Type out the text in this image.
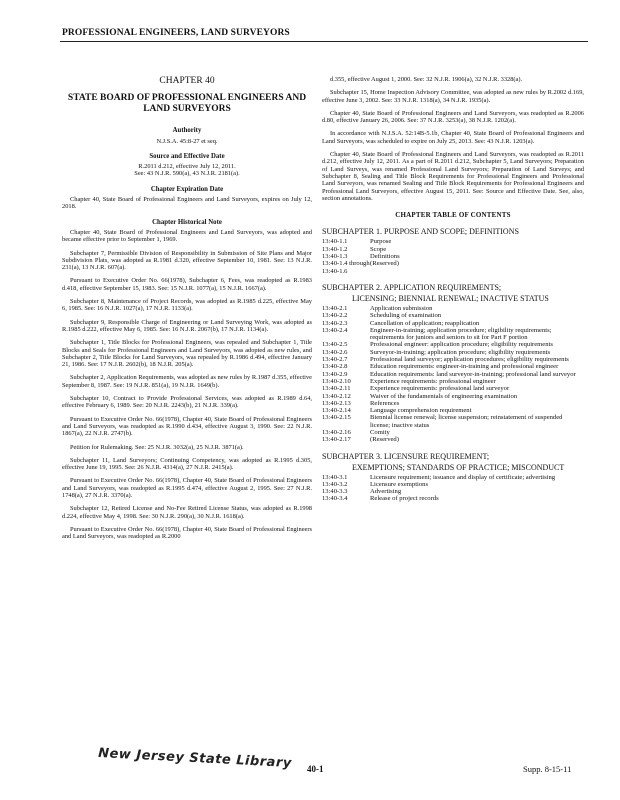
PROFESSIONAL ENGINEERS, LAND SURVEYORS
CHAPTER 40
STATE BOARD OF PROFESSIONAL ENGINEERS AND LAND SURVEYORS
Authority

N.J.S.A. 45:8-27 et seq.

Source and Effective Date

R.2011 d.212, effective July 12, 2011.

See: 43 N.J.R. 590(a), 43 N.J.R. 2181(a).

Chapter Expiration Date

Chapter 40, State Board of Professional Engineers and Land Surveyors, expires on July 12, 2018.

Chapter Historical Note

Chapter 40, State Board of Professional Engineers and Land Surveyors, was adopted and became effective prior to September 1, 1969.

Subchapter 7, Permissible Division of Responsibility in Submission of Site Plans and Major Subdivision Plats, was adopted as R.1981 d.320, effective September 10, 1981. See: 13 N.J.R. 231(a), 13 N.J.R. 607(a).

Pursuant to Executive Order No. 66(1978), Subchapter 6, Fees, was readopted as R.1983 d.418, effective September 15, 1983. See: 15 N.J.R. 1077(a), 15 N.J.R. 1667(a).

Subchapter 8, Maintenance of Project Records, was adopted as R.1985 d.225, effective May 6, 1985. See: 16 N.J.R. 1027(a), 17 N.J.R. 1133(a).

Subchapter 9, Responsible Charge of Engineering or Land Surveying Work, was adopted as R.1985 d.222, effective May 6, 1985. See: 16 N.J.R. 2067(b), 17 N.J.R. 1134(a).

Subchapter 1, Title Blocks for Professional Engineers, was repealed and Subchapter 1, Title Blocks and Seals for Professional Engineers and Land Surveyors, was adopted as new rules, and Subchapter 2, Title Blocks for Land Surveyors, was repealed by R.1986 d.494, effective January 21, 1986. See: 17 N.J.R. 2602(b), 18 N.J.R. 205(a).

Subchapter 2, Application Requirements, was adopted as new rules by R.1987 d.355, effective September 8, 1987. See: 19 N.J.R. 851(a), 19 N.J.R. 1649(b).

Subchapter 10, Contract to Provide Professional Services, was adopted as R.1989 d.64, effective February 6, 1989. See: 20 N.J.R. 2243(b), 21 N.J.R. 339(a).

Pursuant to Executive Order No. 66(1978), Chapter 40, State Board of Professional Engineers and Land Surveyors, was readopted as R.1990 d.434, effective August 3, 1990. See: 22 N.J.R. 1867(a), 22 N.J.R. 2747(b).

Petition for Rulemaking. See: 25 N.J.R. 3032(a), 25 N.J.R. 3871(a).

Subchapter 11, Land Surveyors; Continuing Competency, was adopted as R.1995 d.305, effective June 19, 1995. See: 26 N.J.R. 4314(a), 27 N.J.R. 2415(a).

Pursuant to Executive Order No. 66(1978), Chapter 40, State Board of Professional Engineers and Land Surveyors, was readopted as R.1995 d.474, effective August 2, 1995. See: 27 N.J.R. 1748(a), 27 N.J.R. 3370(a).

Subchapter 12, Retired License and No-Fee Retired License Status, was adopted as R.1998 d.224, effective May 4, 1998. See: 30 N.J.R. 290(a), 30 N.J.R. 1618(a).

Pursuant to Executive Order No. 66(1978), Chapter 40, State Board of Professional Engineers and Land Surveyors, was readopted as R.2000

d.355, effective August 1, 2000. See: 32 N.J.R. 1906(a), 32 N.J.R. 3328(a).

Subchapter 15, Home Inspection Advisory Committee, was adopted as new rules by R.2002 d.169, effective June 3, 2002. See: 33 N.J.R. 1318(a), 34 N.J.R. 1935(a).

Chapter 40, State Board of Professional Engineers and Land Surveyors, was readopted as R.2006 d.80, effective January 26, 2006. See: 37 N.J.R. 3253(a), 38 N.J.R. 1202(a).

In accordance with N.J.S.A. 52:14B-5.1b, Chapter 40, State Board of Professional Engineers and Land Surveyors, was scheduled to expire on July 25, 2013. See: 43 N.J.R. 1203(a).

Chapter 40, State Board of Professional Engineers and Land Surveyors, was readopted as R.2011 d.212, effective July 12, 2011. As a part of R.2011 d.212, Subchapter 5, Land Surveyors; Preparation of Land Surveys, was renamed Professional Land Surveyors; Preparation of Land Surveys; and Subchapter 8, Sealing and Title Block Requirements for Professional Engineers and Professional Land Surveyors, was renamed Sealing and Title Block Requirements for Professional Engineers and Professional Land Surveyors, effective August 15, 2011. See: Source and Effective Date. See, also, section annotations.

CHAPTER TABLE OF CONTENTS
SUBCHAPTER 1. PURPOSE AND SCOPE; DEFINITIONS
13:40-1.1	Purpose
13:40-1.2	Scope
13:40-1.3	Definitions
13:40-1.4 through 13:40-1.6
(Reserved)
SUBCHAPTER 2. APPLICATION REQUIREMENTS;
LICENSING; BIENNIAL RENEWAL; INACTIVE STATUS
13:40-2.1	Application submission
13:40-2.2	Scheduling of examination
13:40-2.3	Cancellation of application; reapplication
13:40-2.4	Engineer-in-training; application procedure; eligibility requirements; requirements for juniors and seniors to sit for Part F portion
13:40-2.5	Professional engineer: application procedure; eligibility requirements
13:40-2.6	Surveyor-in-training; application procedure; eligibility requirements
13:40-2.7	Professional land surveyor; application procedures; eligibility requirements
13:40-2.8	Education requirements: engineer-in-training and professional engineer
13:40-2.9	Education requirements: land surveyor-in-training; professional land surveyor
13:40-2.10	Experience requirements: professional engineer
13:40-2.11	Experience requirements: professional land surveyor
13:40-2.12	Waiver of the fundamentals of engineering examination
13:40-2.13	References
13:40-2.14	Language comprehension requirement
13:40-2.15	Biennial license renewal; license suspension; reinstatement of suspended license; inactive status
13:40-2.16	Comity
13:40-2.17	(Reserved)
SUBCHAPTER 3. LICENSURE REQUIREMENT;
EXEMPTIONS; STANDARDS OF PRACTICE; MISCONDUCT
13:40-3.1	Licensure requirement; issuance and display of certificate; advertising
13:40-3.2	Licensure exemptions
13:40-3.3	Advertising
13:40-3.4	Release of project records
New Jersey State Library 40-1	Supp. 8-15-11
